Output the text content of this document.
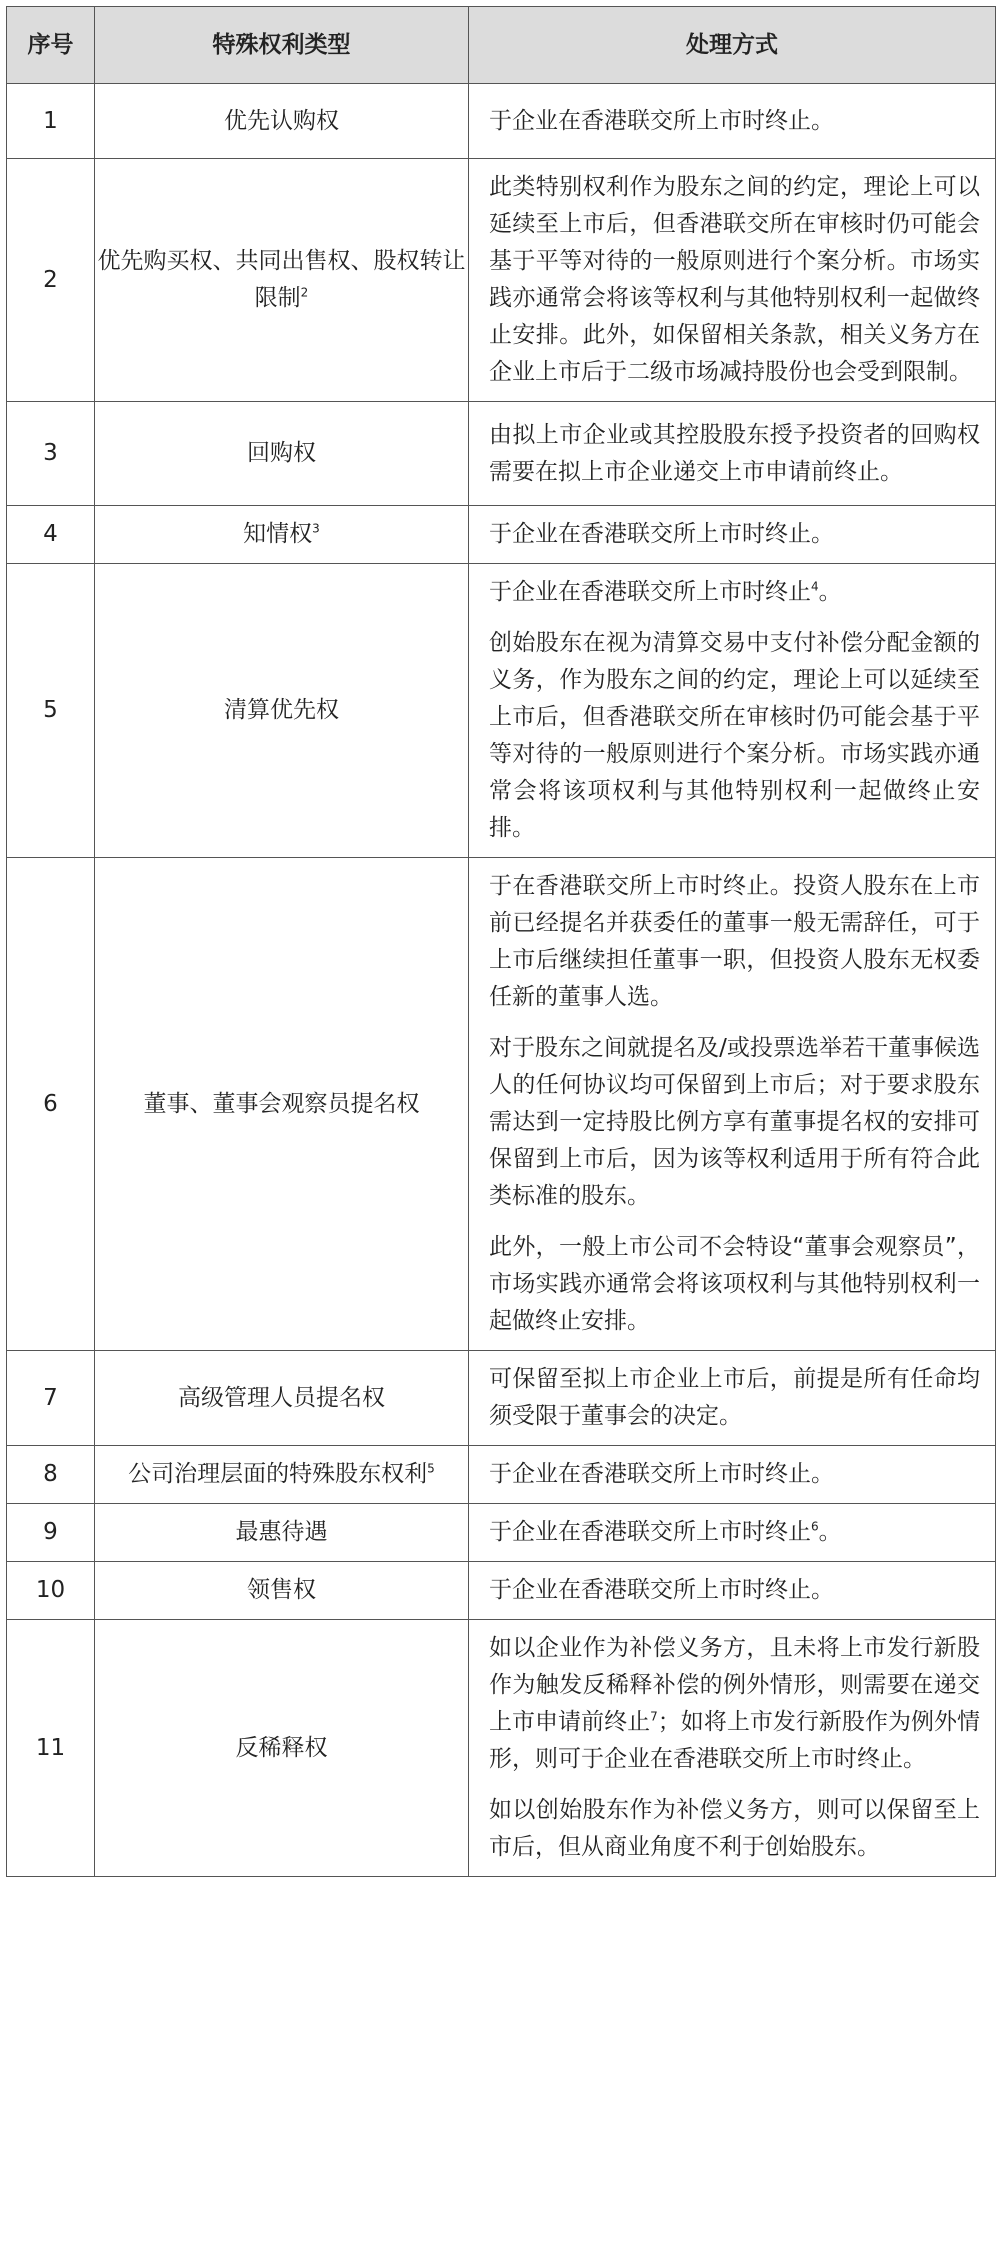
序号	特殊权利类型	处理方式
1	优先认购权	于企业在香港联交所上市时终止。

2	优先购买权、共同出售权、股权转让限制$^2$	此类特别权利作为股东之间的约定，理论上可以延续至上市后，但香港联交所在审核时仍可能会基于平等对待的一般原则进行个案分析。市场实践亦通常会将该等权利与其他特别权利一起做终止安排。此外，如保留相关条款，相关义务方在企业上市后于二级市场减持股份也会受到限制。

3	回购权	由拟上市企业或其控股股东授予投资者的回购权需要在拟上市企业递交上市申请前终止。

4	知情权$^3$	于企业在香港联交所上市时终止。

5	清算优先权	于企业在香港联交所上市时终止$^4$。

创始股东在视为清算交易中支付补偿分配金额的义务，作为股东之间的约定，理论上可以延续至上市后，但香港联交所在审核时仍可能会基于平等对待的一般原则进行个案分析。市场实践亦通常会将该项权利与其他特别权利一起做终止安排。

6	董事、董事会观察员提名权	于在香港联交所上市时终止。投资人股东在上市前已经提名并获委任的董事一般无需辞任，可于上市后继续担任董事一职，但投资人股东无权委任新的董事人选。

对于股东之间就提名及/或投票选举若干董事候选人的任何协议均可保留到上市后；对于要求股东需达到一定持股比例方享有董事提名权的安排可保留到上市后，因为该等权利适用于所有符合此类标准的股东。

此外，一般上市公司不会特设“董事会观察员”，市场实践亦通常会将该项权利与其他特别权利一起做终止安排。

7	高级管理人员提名权	可保留至拟上市企业上市后，前提是所有任命均须受限于董事会的决定。

8	公司治理层面的特殊股东权利$^5$	于企业在香港联交所上市时终止。

9	最惠待遇	于企业在香港联交所上市时终止$^6$。

10	领售权	于企业在香港联交所上市时终止。

11	反稀释权	如以企业作为补偿义务方，且未将上市发行新股作为触发反稀释补偿的例外情形，则需要在递交上市申请前终止$^7$；如将上市发行新股作为例外情形，则可于企业在香港联交所上市时终止。

如以创始股东作为补偿义务方，则可以保留至上市后，但从商业角度不利于创始股东。
